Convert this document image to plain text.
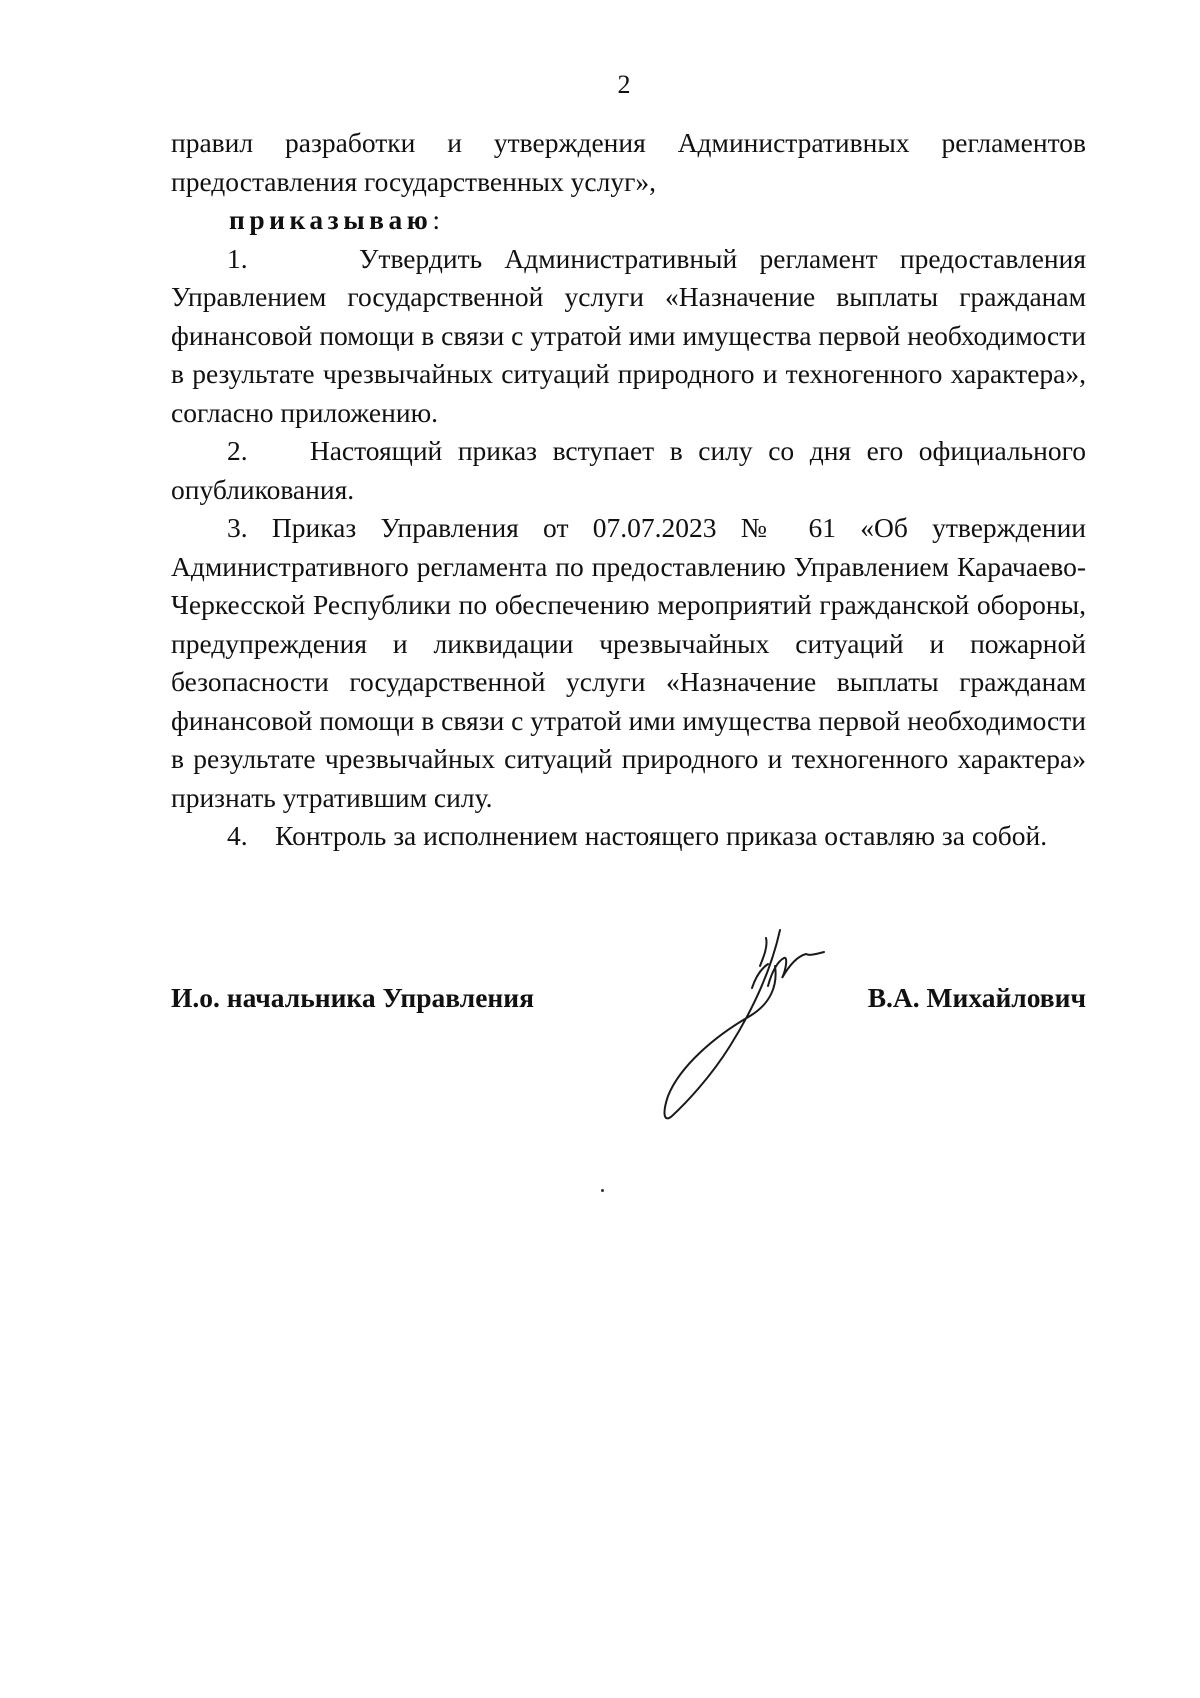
2

правил разработки и утверждения Административных регламентов предоставления государственных услуг»,

приказываю:

1.	Утвердить Административный регламент предоставления Управлением государственной услуги «Назначение выплаты гражданам финансовой помощи в связи с утратой ими имущества первой необходимости в результате чрезвычайных ситуаций природного и техногенного характера», согласно приложению.

2. Настоящий приказ вступает в силу со дня его официального опубликования.

3. Приказ Управления от 07.07.2023 № 61 «Об утверждении Административного регламента по предоставлению Управлением Карачаево-Черкесской Республики по обеспечению мероприятий гражданской обороны, предупреждения и ликвидации чрезвычайных ситуаций и пожарной безопасности государственной услуги «Назначение выплаты гражданам финансовой помощи в связи с утратой ими имущества первой необходимости в результате чрезвычайных ситуаций природного и техногенного характера» признать утратившим силу.

4. Контроль за исполнением настоящего приказа оставляю за собой.

И.о. начальника Управления	В.А. Михайлович
